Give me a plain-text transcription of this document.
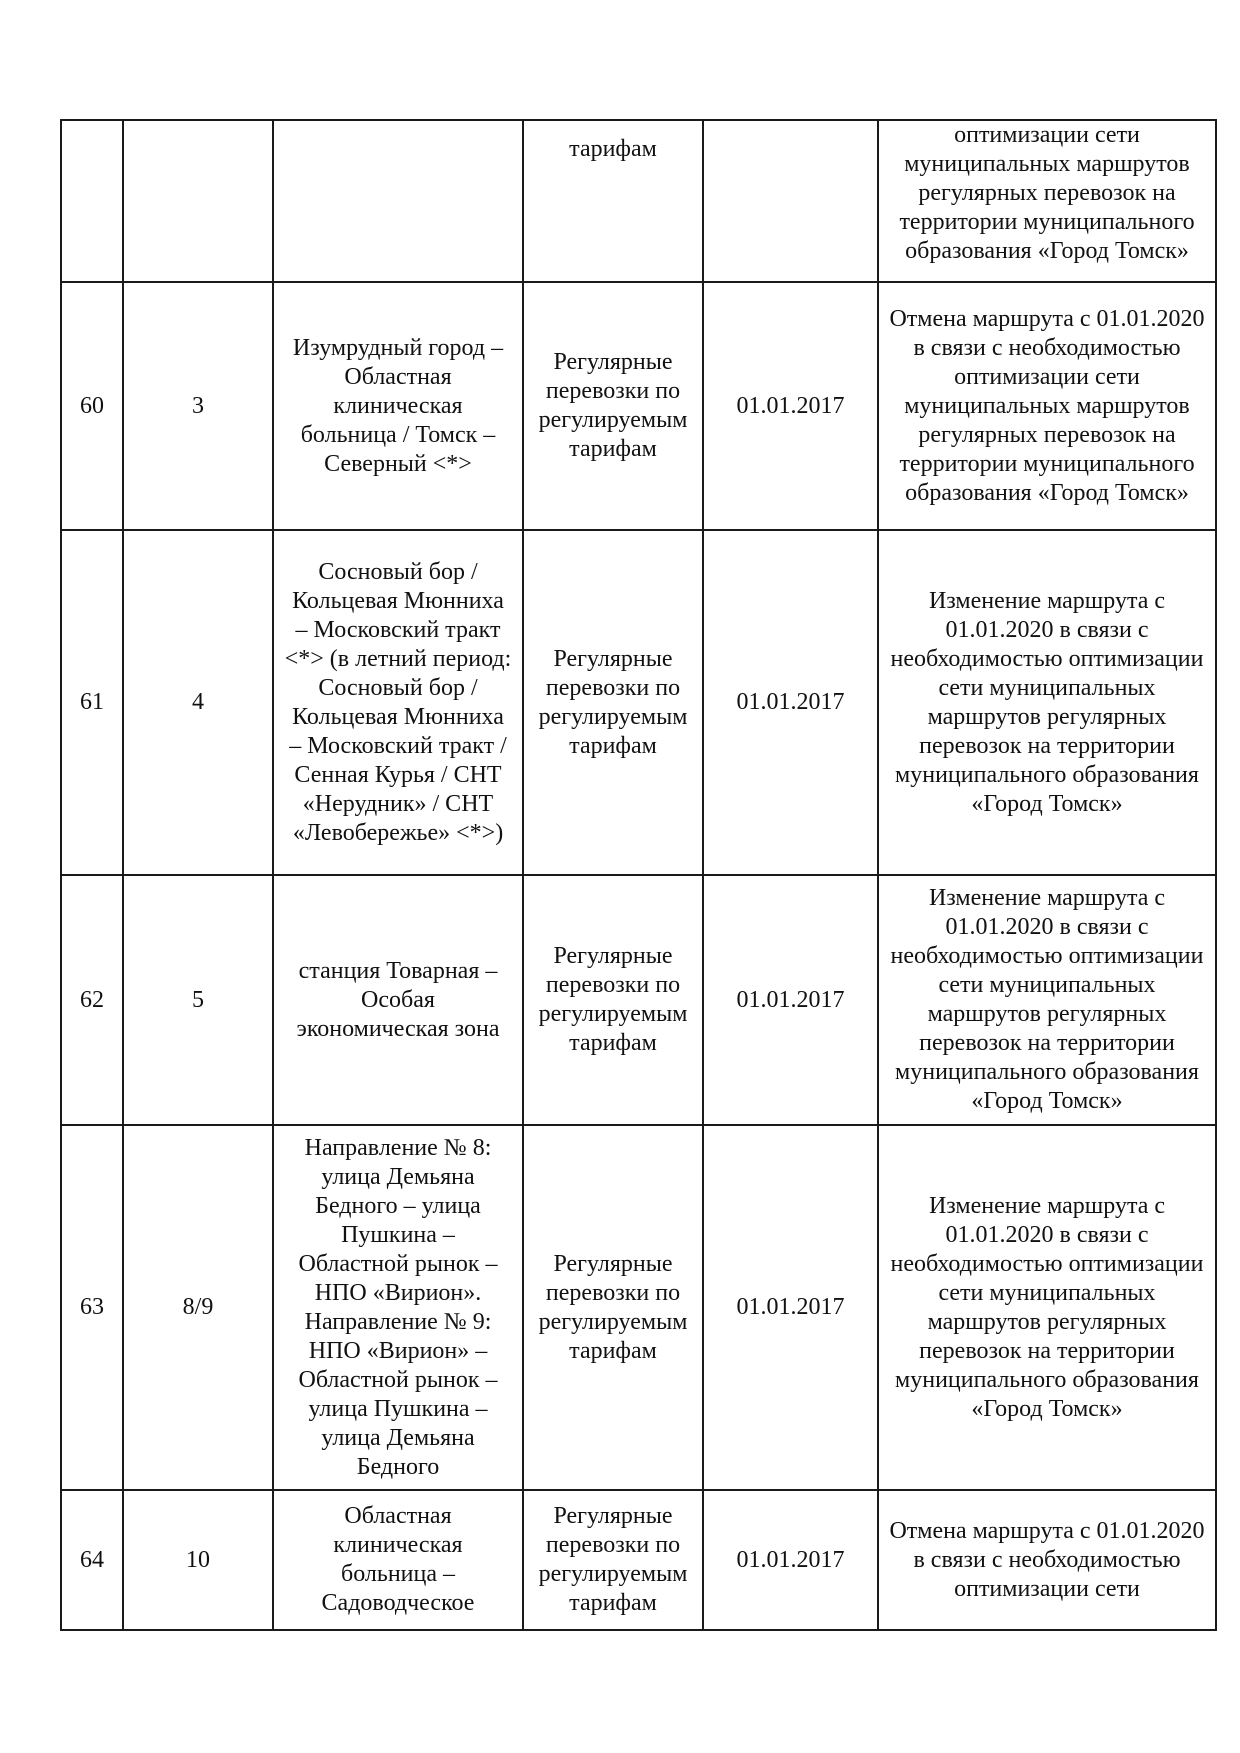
			тарифам		оптимизации сети муниципальных маршрутов регулярных перевозок на территории муниципального образования «Город Томск»
60	3	Изумрудный город – Областная клиническая больница / Томск – Северный <*>	Регулярные перевозки по регулируемым тарифам	01.01.2017	Отмена маршрута с 01.01.2020 в связи с необходимостью оптимизации сети муниципальных маршрутов регулярных перевозок на территории муниципального образования «Город Томск»
61	4	Сосновый бор / Кольцевая Мюнниха – Московский тракт <*> (в летний период: Сосновый бор / Кольцевая Мюнниха – Московский тракт / Сенная Курья / СНТ «Нерудник» / СНТ «Левобережье» <*>)	Регулярные перевозки по регулируемым тарифам	01.01.2017	Изменение маршрута с 01.01.2020 в связи с необходимостью оптимизации сети муниципальных маршрутов регулярных перевозок на территории муниципального образования «Город Томск»
62	5	станция Товарная – Особая экономическая зона	Регулярные перевозки по регулируемым тарифам	01.01.2017	Изменение маршрута с 01.01.2020 в связи с необходимостью оптимизации сети муниципальных маршрутов регулярных перевозок на территории муниципального образования «Город Томск»
63	8/9	Направление № 8: улица Демьяна Бедного – улица Пушкина – Областной рынок – НПО «Вирион». Направление № 9: НПО «Вирион» – Областной рынок – улица Пушкина – улица Демьяна Бедного	Регулярные перевозки по регулируемым тарифам	01.01.2017	Изменение маршрута с 01.01.2020 в связи с необходимостью оптимизации сети муниципальных маршрутов регулярных перевозок на территории муниципального образования «Город Томск»
64	10	Областная клиническая больница – Садоводческое	Регулярные перевозки по регулируемым тарифам	01.01.2017	Отмена маршрута с 01.01.2020 в связи с необходимостью оптимизации сети
